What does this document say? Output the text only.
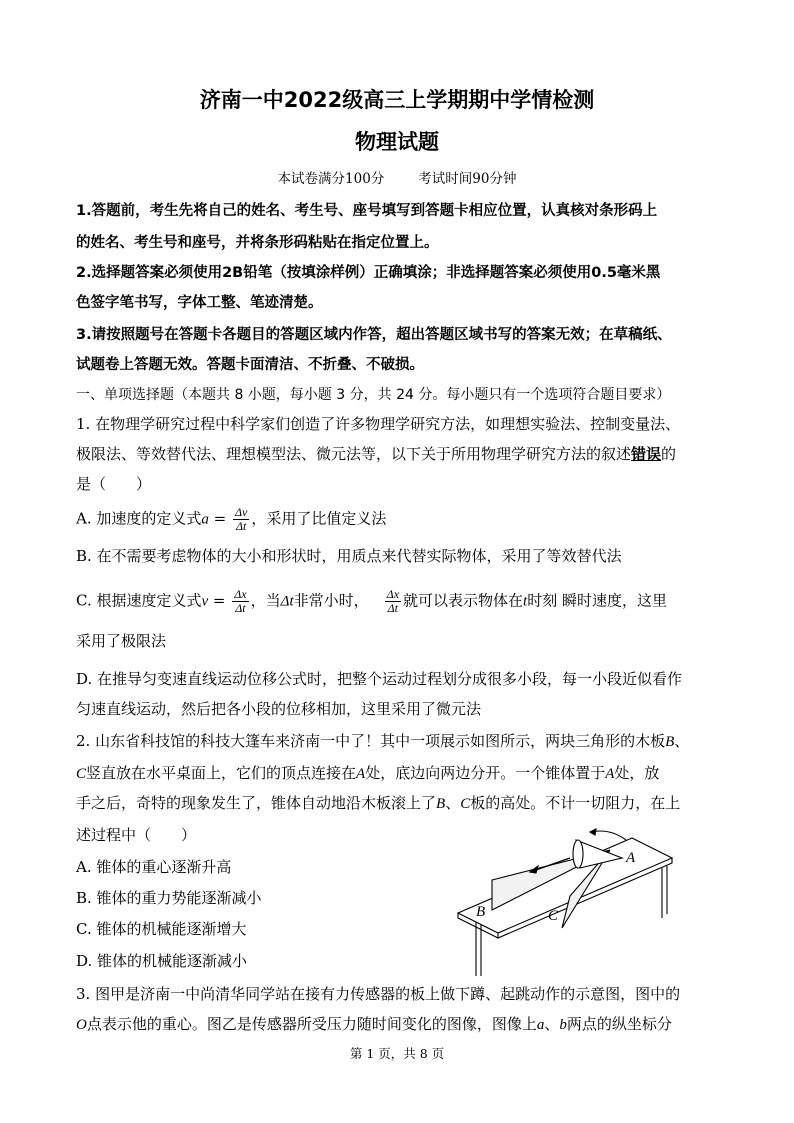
济南一中2022级高三上学期期中学情检测
物理试题
本试卷满分100分	考试时间90分钟
1.答题前，考生先将自己的姓名、考生号、座号填写到答题卡相应位置，认真核对条形码上
的姓名、考生号和座号，并将条形码粘贴在指定位置上。
2.选择题答案必须使用2B铅笔（按填涂样例）正确填涂；非选择题答案必须使用0.5毫米黑
色签字笔书写，字体工整、笔迹清楚。
3.请按照题号在答题卡各题目的答题区域内作答，超出答题区域书写的答案无效；在草稿纸、
试题卷上答题无效。答题卡面清洁、不折叠、不破损。
一、单项选择题（本题共 8 小题，每小题 3 分，共 24 分。每小题只有一个选项符合题目要求）
1. 在物理学研究过程中科学家们创造了许多物理学研究方法，如理想实验法、控制变量法、
极限法、等效替代法、理想模型法、微元法等，以下关于所用物理学研究方法的叙述错误的
是（　　）
A. 加速度的定义式$a = \frac{\Delta v}{\Delta t}$ ，采用了比值定义法
B. 在不需要考虑物体的大小和形状时，用质点来代替实际物体，采用了等效替代法
C. 根据速度定义式$v = \frac{\Delta x}{\Delta t}$ ，当Δt非常小时， $\frac{\Delta x}{\Delta t}$ 就可以表示物体在t时刻 瞬时速度，这里
采用了极限法
D. 在推导匀变速直线运动位移公式时，把整个运动过程划分成很多小段，每一小段近似看作
匀速直线运动，然后把各小段的位移相加，这里采用了微元法
2. 山东省科技馆的科技大篷车来济南一中了！其中一项展示如图所示，两块三角形的木板B、
C竖直放在水平桌面上，它们的顶点连接在A处，底边向两边分开。一个锥体置于A处，放
手之后，奇特的现象发生了，锥体自动地沿木板滚上了B、C板的高处。不计一切阻力，在上
述过程中（　　）
A. 锥体的重心逐渐升高
B. 锥体的重力势能逐渐减小
C. 锥体的机械能逐渐增大
D. 锥体的机械能逐渐减小
A
B	C
3. 图甲是济南一中尚清华同学站在接有力传感器的板上做下蹲、起跳动作的示意图，图中的
O点表示他的重心。图乙是传感器所受压力随时间变化的图像，图像上a、b两点的纵坐标分
第 1 页，共 8 页
